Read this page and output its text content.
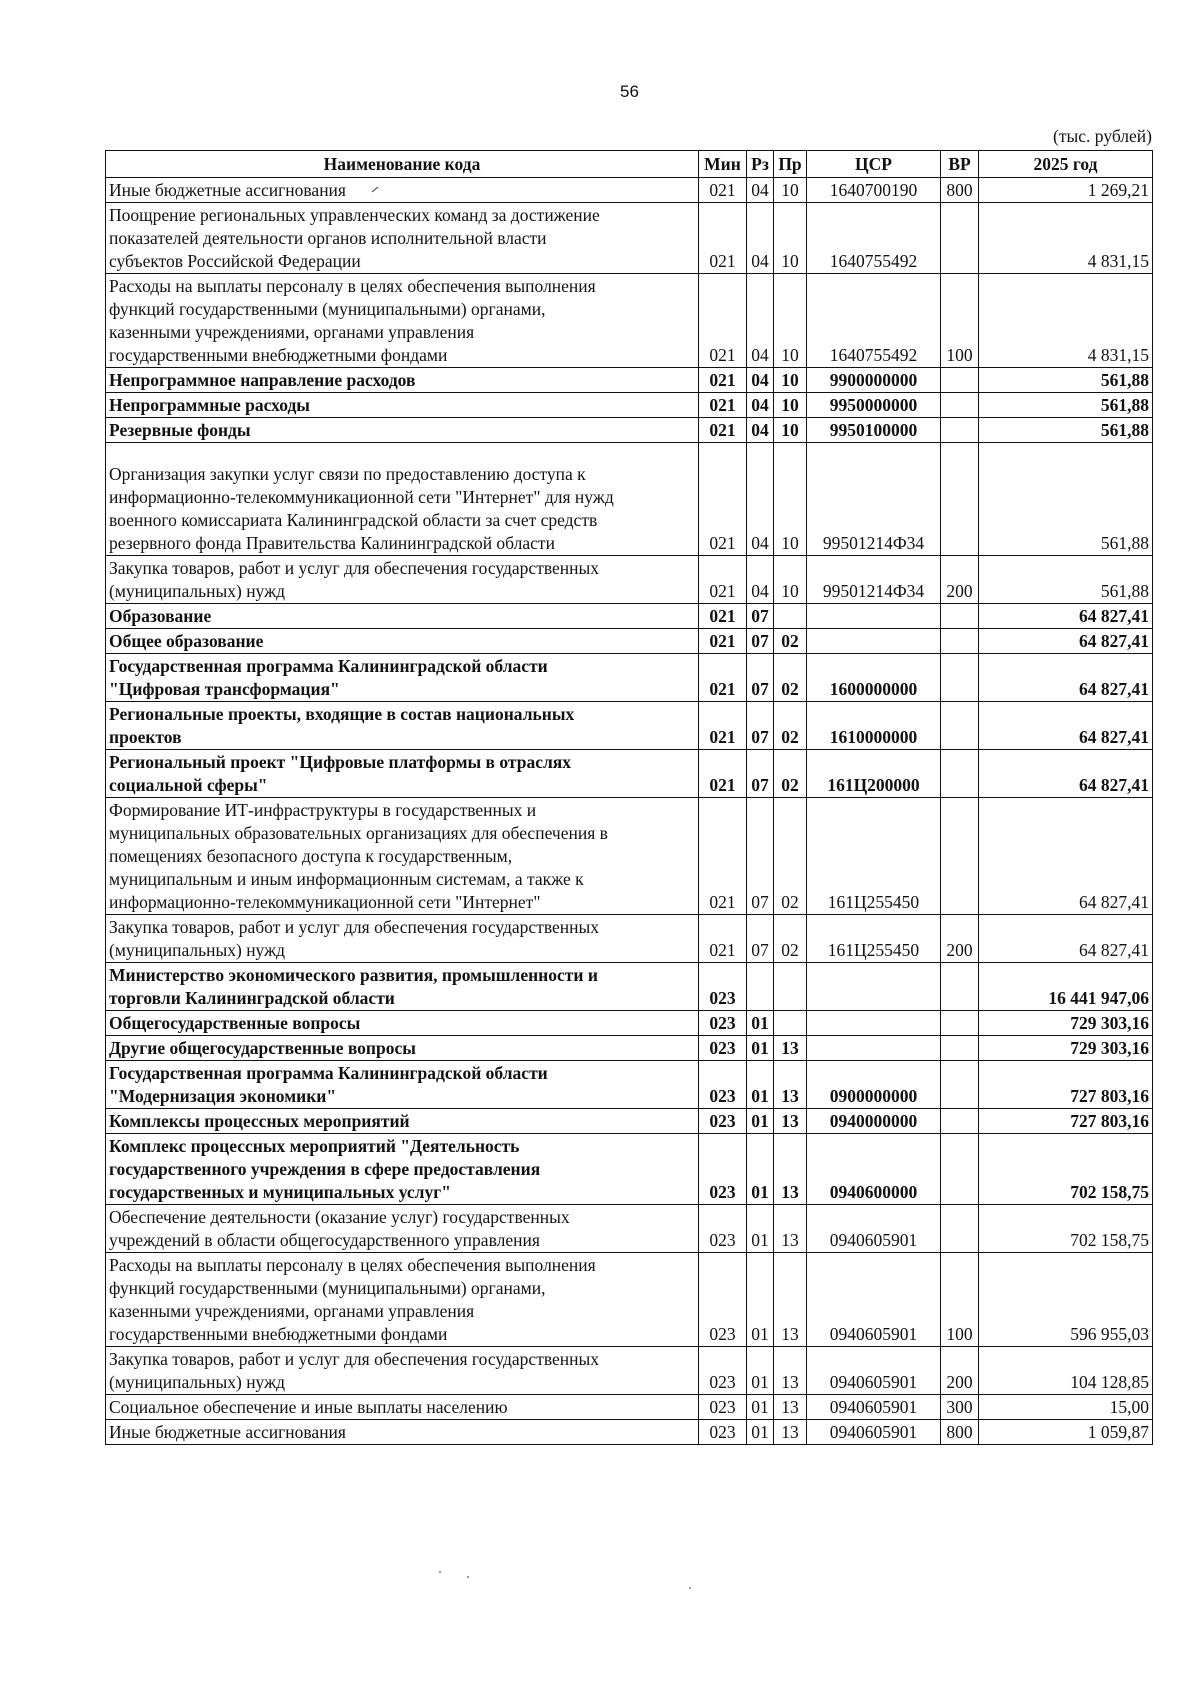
56
(тыс. рублей)
Наименование кода	Мин	Рз	Пр	ЦСР	ВР	2025 год
Иные бюджетные ассигнования	021	04	10	1640700190	800	1 269,21
Поощрение региональных управленческих команд за достижение
показателей деятельности органов исполнительной власти
субъектов Российской Федерации	021	04	10	1640755492		4 831,15
Расходы на выплаты персоналу в целях обеспечения выполнения
функций государственными (муниципальными) органами,
казенными учреждениями, органами управления
государственными внебюджетными фондами	021	04	10	1640755492	100	4 831,15
Непрограммное направление расходов	021	04	10	9900000000		561,88
Непрограммные расходы	021	04	10	9950000000		561,88
Резервные фонды	021	04	10	9950100000		561,88
Организация закупки услуг связи по предоставлению доступа к
информационно-телекоммуникационной сети "Интернет" для нужд
военного комиссариата Калининградской области за счет средств
резервного фонда Правительства Калининградской области	021	04	10	99501214Ф34		561,88
Закупка товаров, работ и услуг для обеспечения государственных
(муниципальных) нужд	021	04	10	99501214Ф34	200	561,88
Образование	021	07				64 827,41
Общее образование	021	07	02			64 827,41
Государственная программа Калининградской области
"Цифровая трансформация"	021	07	02	1600000000		64 827,41
Региональные проекты, входящие в состав национальных
проектов	021	07	02	1610000000		64 827,41
Региональный проект "Цифровые платформы в отраслях
социальной сферы"	021	07	02	161Ц200000		64 827,41
Формирование ИТ-инфраструктуры в государственных и
муниципальных образовательных организациях для обеспечения в
помещениях безопасного доступа к государственным,
муниципальным и иным информационным системам, а также к
информационно-телекоммуникационной сети "Интернет"	021	07	02	161Ц255450		64 827,41
Закупка товаров, работ и услуг для обеспечения государственных
(муниципальных) нужд	021	07	02	161Ц255450	200	64 827,41
Министерство экономического развития, промышленности и
торговли Калининградской области	023					16 441 947,06
Общегосударственные вопросы	023	01				729 303,16
Другие общегосударственные вопросы	023	01	13			729 303,16
Государственная программа Калининградской области
"Модернизация экономики"	023	01	13	0900000000		727 803,16
Комплексы процессных мероприятий	023	01	13	0940000000		727 803,16
Комплекс процессных мероприятий "Деятельность
государственного учреждения в сфере предоставления
государственных и муниципальных услуг"	023	01	13	0940600000		702 158,75
Обеспечение деятельности (оказание услуг) государственных
учреждений в области общегосударственного управления	023	01	13	0940605901		702 158,75
Расходы на выплаты персоналу в целях обеспечения выполнения
функций государственными (муниципальными) органами,
казенными учреждениями, органами управления
государственными внебюджетными фондами	023	01	13	0940605901	100	596 955,03
Закупка товаров, работ и услуг для обеспечения государственных
(муниципальных) нужд	023	01	13	0940605901	200	104 128,85
Социальное обеспечение и иные выплаты населению	023	01	13	0940605901	300	15,00
Иные бюджетные ассигнования	023	01	13	0940605901	800	1 059,87
